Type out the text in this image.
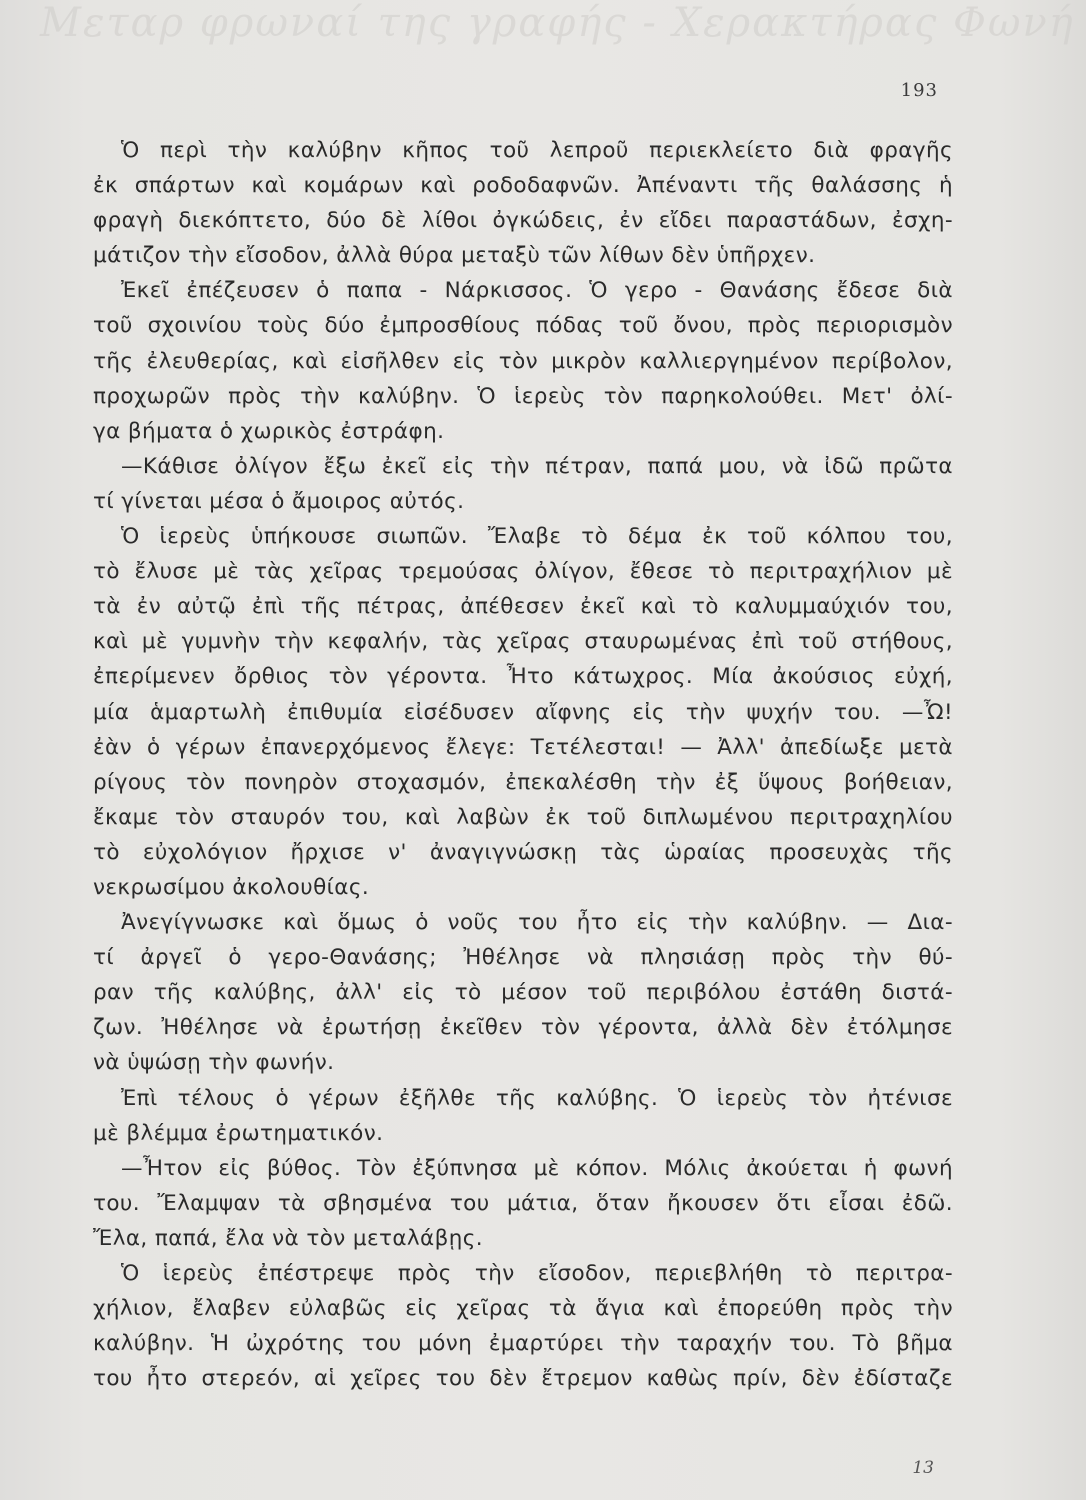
Μεταρ φρωναί της γραφής - Χερακτήρας Φωνή
193
Ὁ περὶ τὴν καλύβην κῆπος τοῦ λεπροῦ περιεκλείετο διὰ φραγῆς
ἐκ σπάρτων καὶ κομάρων καὶ ροδοδαφνῶν. Ἀπέναντι τῆς θαλάσσης ἡ
φραγὴ διεκόπτετο, δύο δὲ λίθοι ὀγκώδεις, ἐν εἴδει παραστάδων, ἐσχη-
μάτιζον τὴν εἴσοδον, ἀλλὰ θύρα μεταξὺ τῶν λίθων δὲν ὑπῆρχεν.
Ἐκεῖ ἐπέζευσεν ὁ παπα - Νάρκισσος. Ὁ γερο - Θανάσης ἔδεσε διὰ
τοῦ σχοινίου τοὺς δύο ἐμπροσθίους πόδας τοῦ ὄνου, πρὸς περιορισμὸν
τῆς ἐλευθερίας, καὶ εἰσῆλθεν εἰς τὸν μικρὸν καλλιεργημένον περίβολον,
προχωρῶν πρὸς τὴν καλύβην. Ὁ ἱερεὺς τὸν παρηκολούθει. Μετ' ὀλί-
γα βήματα ὁ χωρικὸς ἐστράφη.
—Κάθισε ὀλίγον ἔξω ἐκεῖ εἰς τὴν πέτραν, παπά μου, νὰ ἰδῶ πρῶτα
τί γίνεται μέσα ὁ ἄμοιρος αὐτός.
Ὁ ἱερεὺς ὑπήκουσε σιωπῶν. Ἔλαβε τὸ δέμα ἐκ τοῦ κόλπου του,
τὸ ἔλυσε μὲ τὰς χεῖρας τρεμούσας ὀλίγον, ἔθεσε τὸ περιτραχήλιον μὲ
τὰ ἐν αὐτῷ ἐπὶ τῆς πέτρας, ἀπέθεσεν ἐκεῖ καὶ τὸ καλυμμαύχιόν του,
καὶ μὲ γυμνὴν τὴν κεφαλήν, τὰς χεῖρας σταυρωμένας ἐπὶ τοῦ στήθους,
ἐπερίμενεν ὄρθιος τὸν γέροντα. Ἦτο κάτωχρος. Μία ἀκούσιος εὐχή,
μία ἁμαρτωλὴ ἐπιθυμία εἰσέδυσεν αἴφνης εἰς τὴν ψυχήν του. —Ὦ!
ἐὰν ὁ γέρων ἐπανερχόμενος ἔλεγε: Τετέλεσται! — Ἀλλ' ἀπεδίωξε μετὰ
ρίγους τὸν πονηρὸν στοχασμόν, ἐπεκαλέσθη τὴν ἐξ ὕψους βοήθειαν,
ἔκαμε τὸν σταυρόν του, καὶ λαβὼν ἐκ τοῦ διπλωμένου περιτραχηλίου
τὸ εὐχολόγιον ἤρχισε ν' ἀναγιγνώσκῃ τὰς ὡραίας προσευχὰς τῆς
νεκρωσίμου ἀκολουθίας.
Ἀνεγίγνωσκε καὶ ὅμως ὁ νοῦς του ἦτο εἰς τὴν καλύβην. — Δια-
τί ἀργεῖ ὁ γερο-Θανάσης; Ἠθέλησε νὰ πλησιάσῃ πρὸς τὴν θύ-
ραν τῆς καλύβης, ἀλλ' εἰς τὸ μέσον τοῦ περιβόλου ἐστάθη διστά-
ζων. Ἠθέλησε νὰ ἐρωτήσῃ ἐκεῖθεν τὸν γέροντα, ἀλλὰ δὲν ἐτόλμησε
νὰ ὑψώσῃ τὴν φωνήν.
Ἐπὶ τέλους ὁ γέρων ἐξῆλθε τῆς καλύβης. Ὁ ἱερεὺς τὸν ἠτένισε
μὲ βλέμμα ἐρωτηματικόν.
—Ἦτον εἰς βύθος. Τὸν ἐξύπνησα μὲ κόπον. Μόλις ἀκούεται ἡ φωνή
του. Ἔλαμψαν τὰ σβησμένα του μάτια, ὅταν ἤκουσεν ὅτι εἶσαι ἐδῶ.
Ἔλα, παπά, ἔλα νὰ τὸν μεταλάβῃς.
Ὁ ἱερεὺς ἐπέστρεψε πρὸς τὴν εἴσοδον, περιεβλήθη τὸ περιτρα-
χήλιον, ἔλαβεν εὐλαβῶς εἰς χεῖρας τὰ ἅγια καὶ ἐπορεύθη πρὸς τὴν
καλύβην. Ἡ ὠχρότης του μόνη ἐμαρτύρει τὴν ταραχήν του. Τὸ βῆμα
του ἦτο στερεόν, αἱ χεῖρες του δὲν ἔτρεμον καθὼς πρίν, δὲν ἐδίσταζε
13
